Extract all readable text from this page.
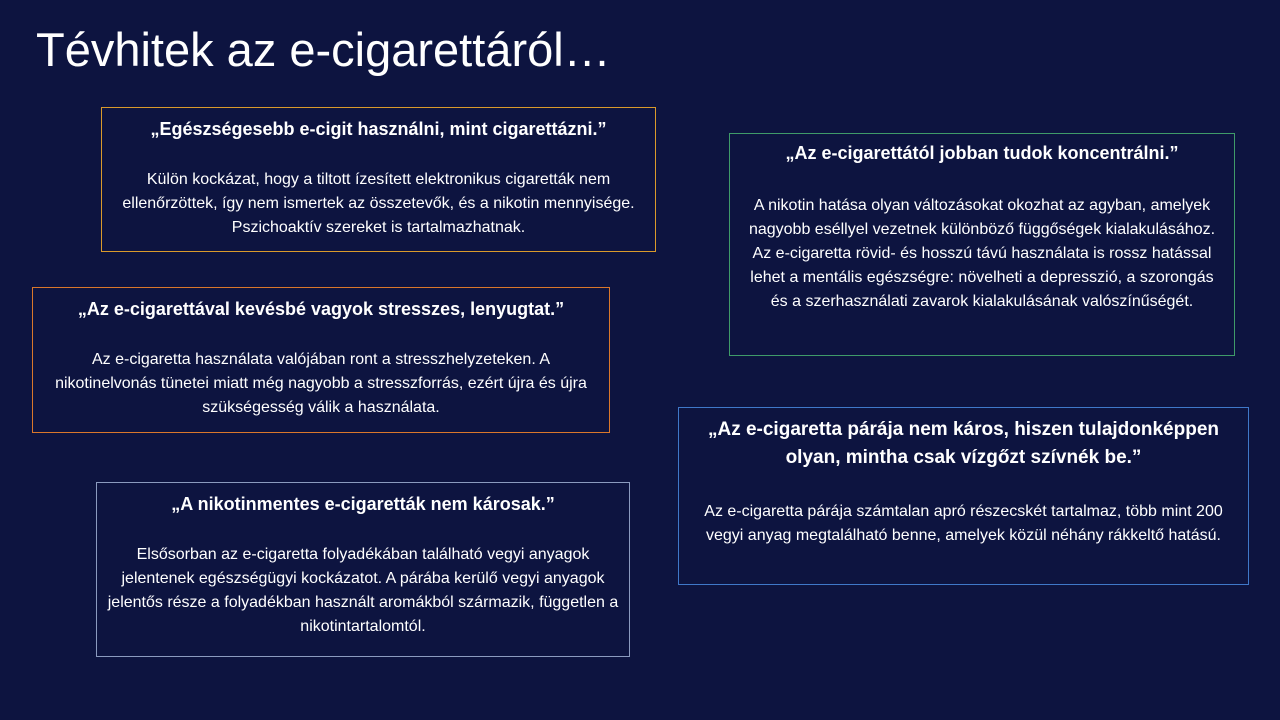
Tévhitek az e-cigarettáról…

„Egészségesebb e-cigit használni, mint cigarettázni.”

Külön kockázat, hogy a tiltott ízesített elektronikus cigaretták nem ellenőrzöttek, így nem ismertek az összetevők, és a nikotin mennyisége. Pszichoaktív szereket is tartalmazhatnak.

„Az e-cigarettától jobban tudok koncentrálni.”

A nikotin hatása olyan változásokat okozhat az agyban, amelyek nagyobb eséllyel vezetnek különböző függőségek kialakulásához. Az e-cigaretta rövid- és hosszú távú használata is rossz hatással lehet a mentális egészségre: növelheti a depresszió, a szorongás és a szerhasználati zavarok kialakulásának valószínűségét.

„Az e-cigarettával kevésbé vagyok stresszes, lenyugtat.”

Az e-cigaretta használata valójában ront a stresszhelyzeteken. A nikotinelvonás tünetei miatt még nagyobb a stresszforrás, ezért újra és újra szükségesség válik a használata.

„Az e-cigaretta párája nem káros, hiszen tulajdonképpen olyan, mintha csak vízgőzt szívnék be.”

Az e-cigaretta párája számtalan apró részecskét tartalmaz, több mint 200 vegyi anyag megtalálható benne, amelyek közül néhány rákkeltő hatású.

„A nikotinmentes e-cigaretták nem károsak.”

Elsősorban az e-cigaretta folyadékában található vegyi anyagok jelentenek egészségügyi kockázatot. A párába kerülő vegyi anyagok jelentős része a folyadékban használt aromákból származik, független a nikotintartalomtól.
